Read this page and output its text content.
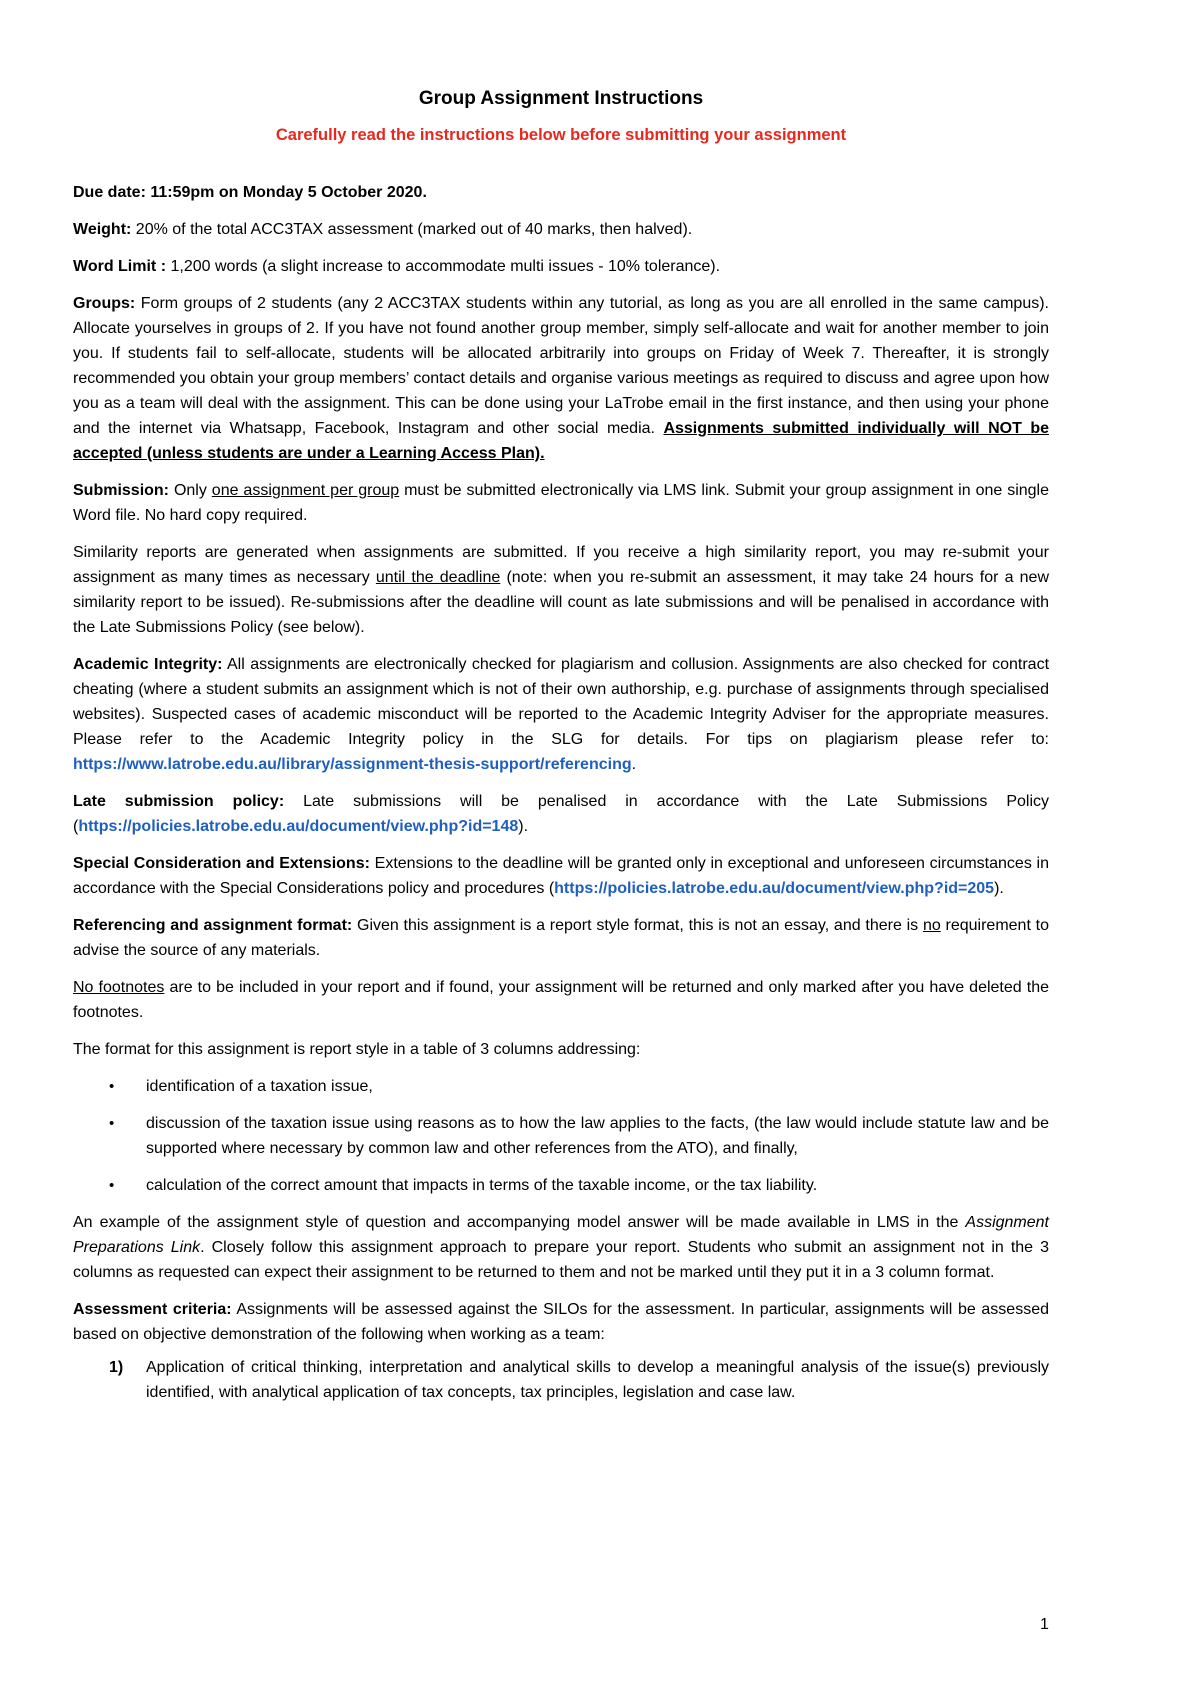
Group Assignment Instructions

Carefully read the instructions below before submitting your assignment

Due date: 11:59pm on Monday 5 October 2020.

Weight: 20% of the total ACC3TAX assessment (marked out of 40 marks, then halved).

Word Limit : 1,200 words (a slight increase to accommodate multi issues - 10% tolerance).

Groups: Form groups of 2 students (any 2 ACC3TAX students within any tutorial, as long as you are all enrolled in the same campus). Allocate yourselves in groups of 2. If you have not found another group member, simply self-allocate and wait for another member to join you. If students fail to self-allocate, students will be allocated arbitrarily into groups on Friday of Week 7. Thereafter, it is strongly recommended you obtain your group members’ contact details and organise various meetings as required to discuss and agree upon how you as a team will deal with the assignment. This can be done using your LaTrobe email in the first instance, and then using your phone and the internet via Whatsapp, Facebook, Instagram and other social media. Assignments submitted individually will NOT be accepted (unless students are under a Learning Access Plan).

Submission: Only one assignment per group must be submitted electronically via LMS link. Submit your group assignment in one single Word file. No hard copy required.

Similarity reports are generated when assignments are submitted. If you receive a high similarity report, you may re-submit your assignment as many times as necessary until the deadline (note: when you re-submit an assessment, it may take 24 hours for a new similarity report to be issued). Re-submissions after the deadline will count as late submissions and will be penalised in accordance with the Late Submissions Policy (see below).

Academic Integrity: All assignments are electronically checked for plagiarism and collusion. Assignments are also checked for contract cheating (where a student submits an assignment which is not of their own authorship, e.g. purchase of assignments through specialised websites). Suspected cases of academic misconduct will be reported to the Academic Integrity Adviser for the appropriate measures. Please refer to the Academic Integrity policy in the SLG for details. For tips on plagiarism please refer to: https://www.latrobe.edu.au/library/assignment-thesis-support/referencing.

Late submission policy: Late submissions will be penalised in accordance with the Late Submissions Policy (https://policies.latrobe.edu.au/document/view.php?id=148).

Special Consideration and Extensions: Extensions to the deadline will be granted only in exceptional and unforeseen circumstances in accordance with the Special Considerations policy and procedures (https://policies.latrobe.edu.au/document/view.php?id=205).

Referencing and assignment format: Given this assignment is a report style format, this is not an essay, and there is no requirement to advise the source of any materials.

No footnotes are to be included in your report and if found, your assignment will be returned and only marked after you have deleted the footnotes.

The format for this assignment is report style in a table of 3 columns addressing:

• identification of a taxation issue,
• discussion of the taxation issue using reasons as to how the law applies to the facts, (the law would include statute law and be supported where necessary by common law and other references from the ATO), and finally,
• calculation of the correct amount that impacts in terms of the taxable income, or the tax liability.

An example of the assignment style of question and accompanying model answer will be made available in LMS in the Assignment Preparations Link. Closely follow this assignment approach to prepare your report. Students who submit an assignment not in the 3 columns as requested can expect their assignment to be returned to them and not be marked until they put it in a 3 column format.

Assessment criteria: Assignments will be assessed against the SILOs for the assessment. In particular, assignments will be assessed based on objective demonstration of the following when working as a team:

1) Application of critical thinking, interpretation and analytical skills to develop a meaningful analysis of the issue(s) previously identified, with analytical application of tax concepts, tax principles, legislation and case law.
1
